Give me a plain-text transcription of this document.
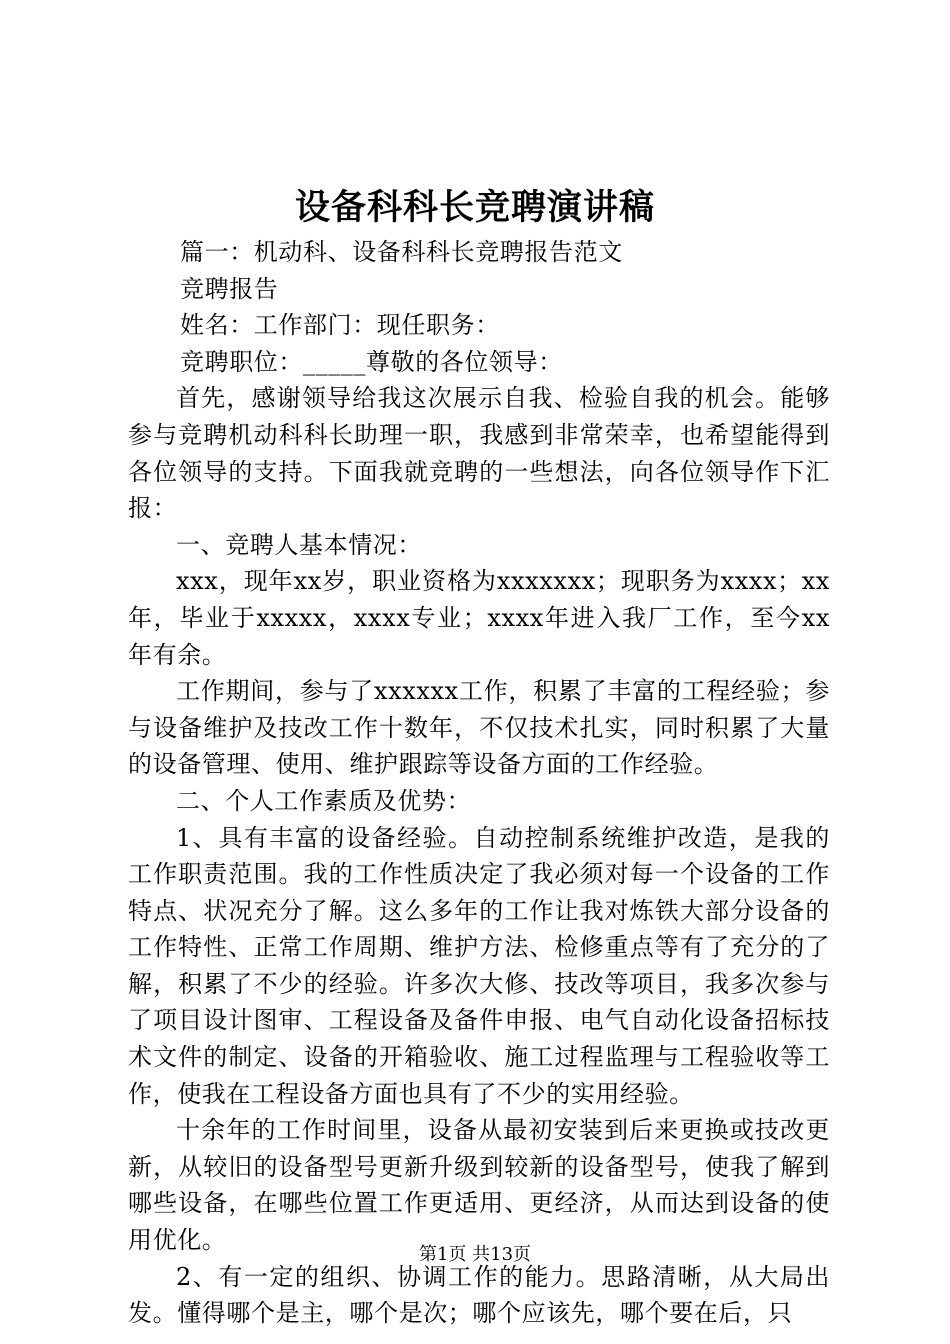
设备科科长竞聘演讲稿

篇一：机动科、设备科科长竞聘报告范文

竞聘报告

姓名：工作部门：现任职务：

竞聘职位：_____尊敬的各位领导：

首先，感谢领导给我这次展示自我、检验自我的机会。能够参与竞聘机动科科长助理一职，我感到非常荣幸，也希望能得到各位领导的支持。下面我就竞聘的一些想法，向各位领导作下汇报：

一、竞聘人基本情况：

xxx，现年xx岁，职业资格为xxxxxxx；现职务为xxxx；xx年，毕业于xxxxx，xxxx专业；xxxx年进入我厂工作，至今xx年有余。

工作期间，参与了xxxxxx工作，积累了丰富的工程经验；参与设备维护及技改工作十数年，不仅技术扎实，同时积累了大量的设备管理、使用、维护跟踪等设备方面的工作经验。

二、个人工作素质及优势：

1、具有丰富的设备经验。自动控制系统维护改造，是我的工作职责范围。我的工作性质决定了我必须对每一个设备的工作特点、状况充分了解。这么多年的工作让我对炼铁大部分设备的工作特性、正常工作周期、维护方法、检修重点等有了充分的了解，积累了不少的经验。许多次大修、技改等项目，我多次参与了项目设计图审、工程设备及备件申报、电气自动化设备招标技术文件的制定、设备的开箱验收、施工过程监理与工程验收等工作，使我在工程设备方面也具有了不少的实用经验。

十余年的工作时间里，设备从最初安装到后来更换或技改更新，从较旧的设备型号更新升级到较新的设备型号，使我了解到哪些设备，在哪些位置工作更适用、更经济，从而达到设备的使用优化。

2、有一定的组织、协调工作的能力。思路清晰，从大局出发。懂得哪个是主，哪个是次；哪个应该先，哪个要在后，只

第1页 共13页
